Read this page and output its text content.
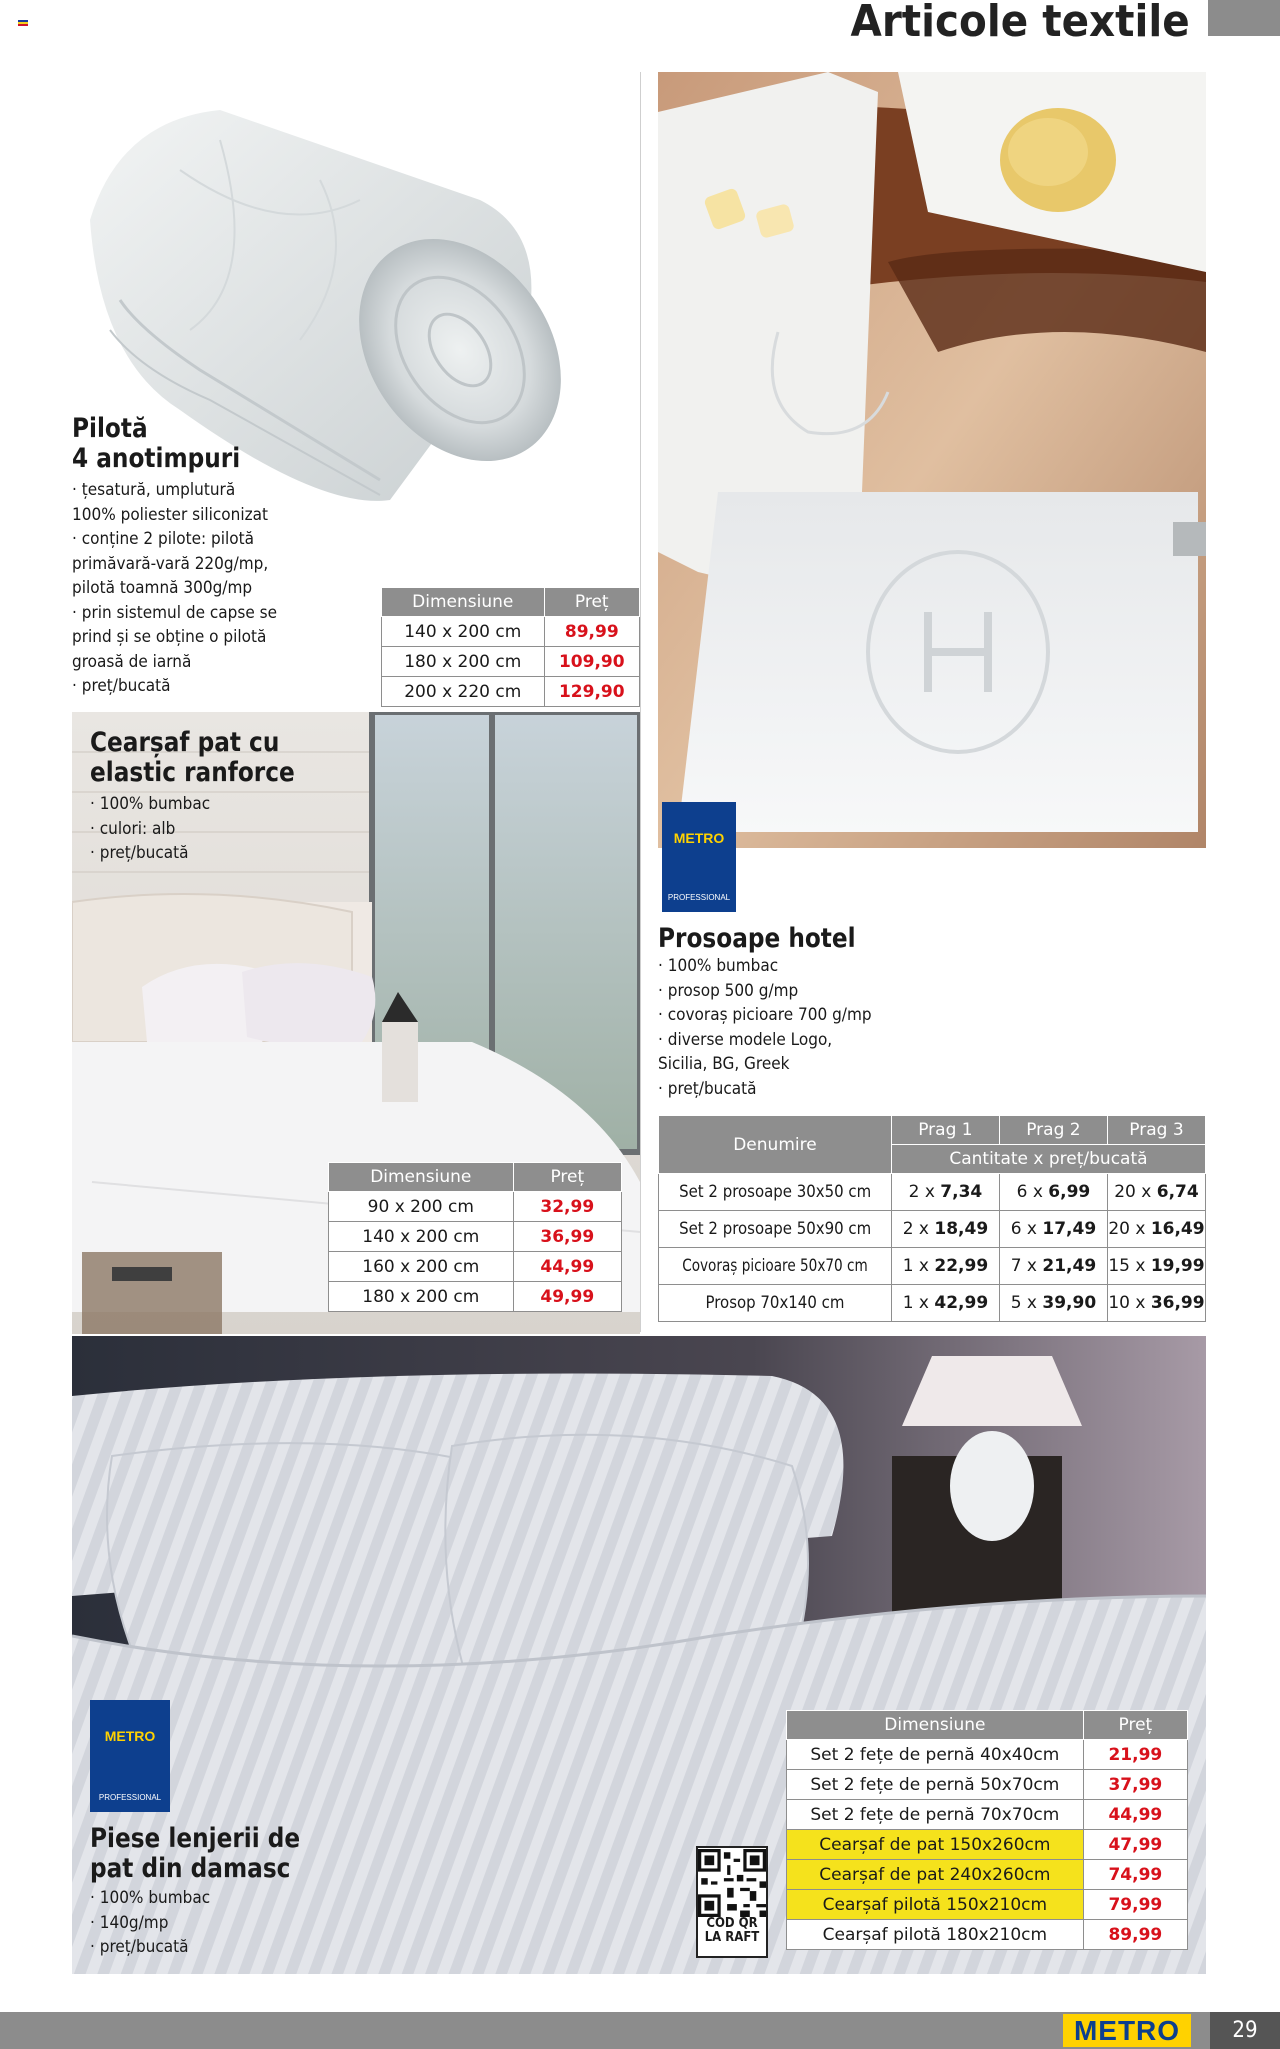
Articole textile
Pilotă
4 anotimpuri
· țesatură, umplutură
100% poliester siliconizat
· conține 2 pilote: pilotă
primăvară-vară 220g/mp,
pilotă toamnă 300g/mp
· prin sistemul de capse se
prind și se obține o pilotă
groasă de iarnă
· preț/bucată
Dimensiune	Preț
140 x 200 cm	89,99
180 x 200 cm	109,90
200 x 220 cm	129,90
METRO
PROFESSIONAL
Prosoape hotel
· 100% bumbac
· prosop 500 g/mp
· covoraș picioare 700 g/mp
· diverse modele Logo,
Sicilia, BG, Greek
· preț/bucată
Denumire	Prag 1	Prag 2	Prag 3
	Cantitate x preț/bucată		
Set 2 prosoape 30x50 cm	2 x 7,34	6 x 6,99	20 x 6,74
Set 2 prosoape 50x90 cm	2 x 18,49	6 x 17,49	20 x 16,49
Covoraș picioare 50x70 cm	1 x 22,99	7 x 21,49	15 x 19,99
Prosop 70x140 cm	1 x 42,99	5 x 39,90	10 x 36,99
Cearșaf pat cu
elastic ranforce
· 100% bumbac
· culori: alb
· preț/bucată
Dimensiune	Preț
90 x 200 cm	32,99
140 x 200 cm	36,99
160 x 200 cm	44,99
180 x 200 cm	49,99
METRO
PROFESSIONAL
Piese lenjerii de
pat din damasc
· 100% bumbac
· 140g/mp
· preț/bucată
COD QR
LA RAFT
Dimensiune	Preț
Set 2 fețe de pernă 40x40cm	21,99
Set 2 fețe de pernă 50x70cm	37,99
Set 2 fețe de pernă 70x70cm	44,99
Cearșaf de pat 150x260cm	47,99
Cearșaf de pat 240x260cm	74,99
Cearșaf pilotă 150x210cm	79,99
Cearșaf pilotă 180x210cm	89,99
METRO	29
